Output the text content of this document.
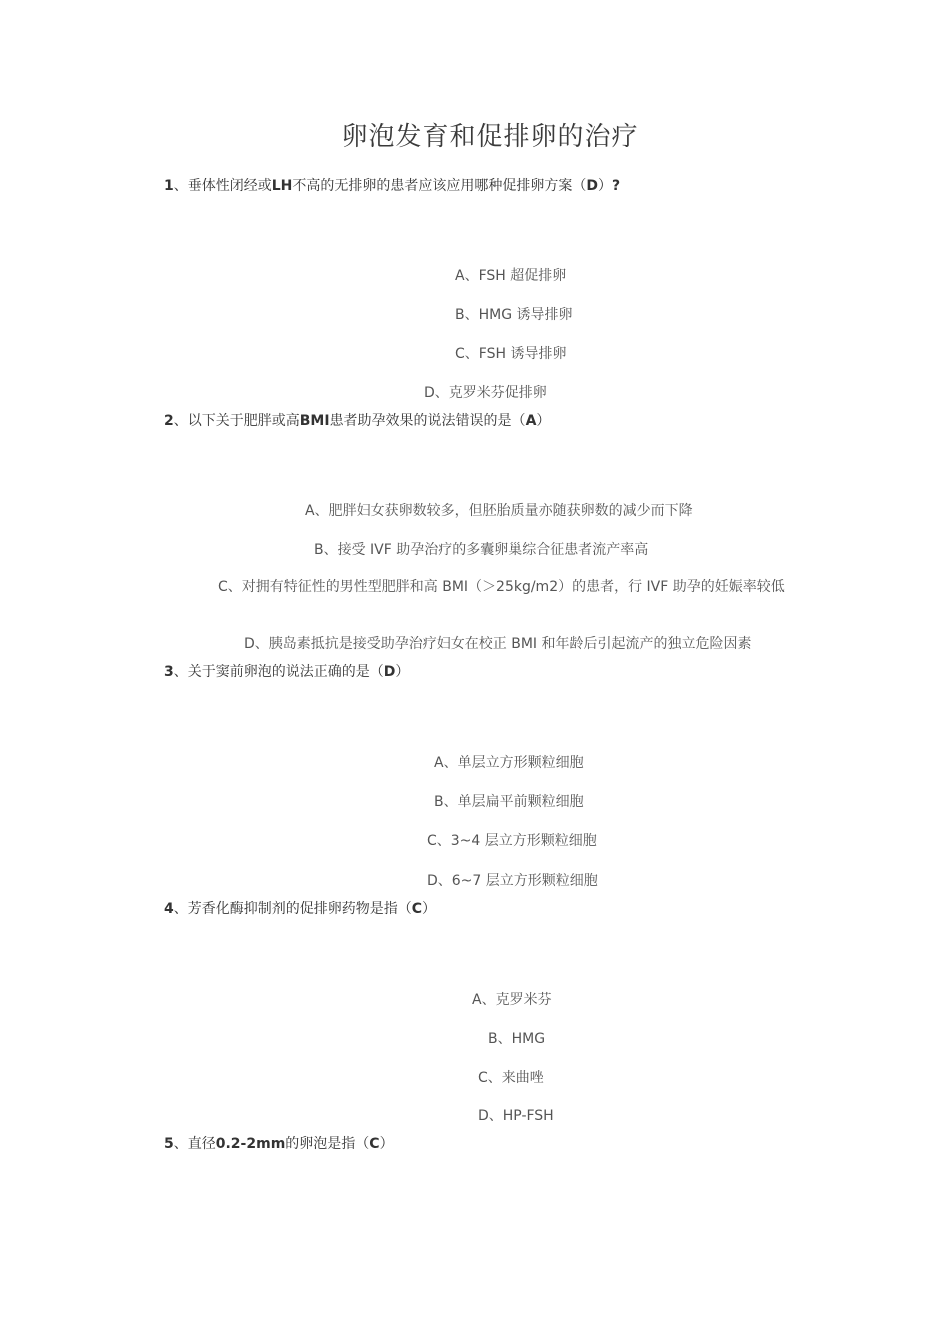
卵泡发育和促排卵的治疗
1、垂体性闭经或LH不高的无排卵的患者应该应用哪种促排卵方案（D）?
A、FSH 超促排卵
B、HMG 诱导排卵
C、FSH 诱导排卵
D、克罗米芬促排卵
2、以下关于肥胖或高BMI患者助孕效果的说法错误的是（A）
A、肥胖妇女获卵数较多，但胚胎质量亦随获卵数的减少而下降
B、接受 IVF 助孕治疗的多囊卵巢综合征患者流产率高
C、对拥有特征性的男性型肥胖和高 BMI（＞25kg/m2）的患者，行 IVF 助孕的妊娠率较低
D、胰岛素抵抗是接受助孕治疗妇女在校正 BMI 和年龄后引起流产的独立危险因素
3、关于窦前卵泡的说法正确的是（D）
A、单层立方形颗粒细胞
B、单层扁平前颗粒细胞
C、3~4 层立方形颗粒细胞
D、6~7 层立方形颗粒细胞
4、芳香化酶抑制剂的促排卵药物是指（C）
A、克罗米芬
B、HMG
C、来曲唑
D、HP-FSH
5、直径0.2-2mm的卵泡是指（C）
